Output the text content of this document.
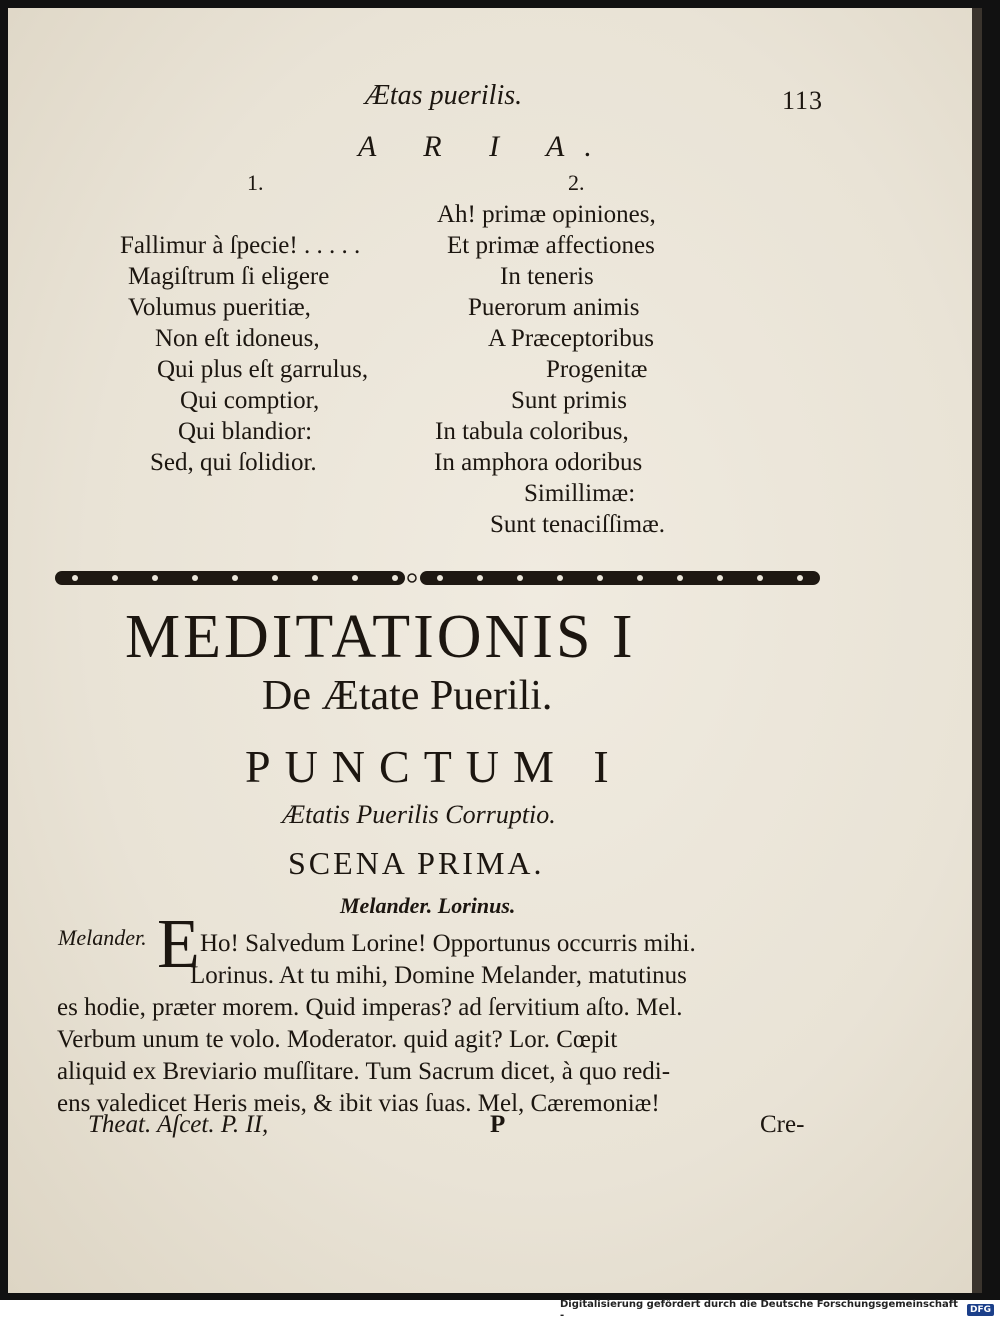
Ætas puerilis.	113
A R I A.
1.	2.
Fallimur à ſpecie! . . . . .
Magiſtrum ſi eligere
Volumus pueritiæ,
Non eſt idoneus,
Qui plus eſt garrulus,
Qui comptior,
Qui blandior:
Sed, qui ſolidior.
Ah! primæ opiniones,
Et primæ affectiones
In teneris
Puerorum animis
A Præceptoribus
Progenitæ
Sunt primis
In tabula coloribus,
In amphora odoribus
Simillimæ:
Sunt tenaciſſimæ.
MEDITATIONIS I
De Ætate Puerili.
PUNCTUM I
Ætatis Puerilis Corruptio.
SCENA PRIMA.
Melander. Lorinus.
Melander. E Ho! Salvedum Lorine! Opportunus occurris mihi.
Lorinus. At tu mihi, Domine Melander, matutinus
es hodie, præter morem. Quid imperas? ad ſervitium aſto. Mel.
Verbum unum te volo. Moderator. quid agit? Lor. Cœpit
aliquid ex Breviario muſſitare. Tum Sacrum dicet, à quo redi-
ens valedicet Heris meis, & ibit vias ſuas. Mel, Cæremoniæ!
Theat. Aſcet. P. II,	P	Cre-
Digitalisierung gefördert durch die Deutsche Forschungsgemeinschaft -	DFG
